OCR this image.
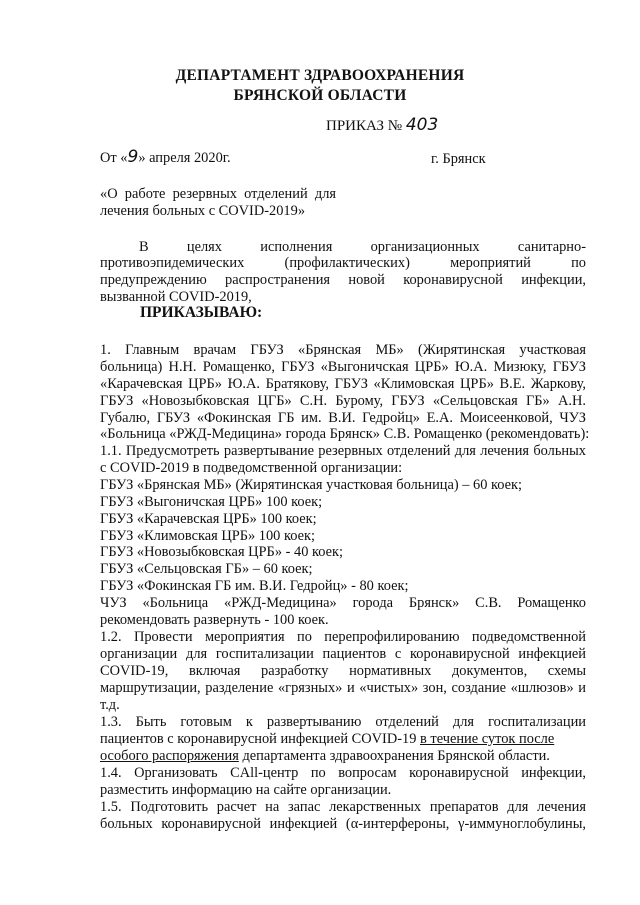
ДЕПАРТАМЕНТ ЗДРАВООХРАНЕНИЯ
БРЯНСКОЙ ОБЛАСТИ
ПРИКАЗ № 403
От «9» апреля 2020г.	г. Брянск
«О работе резервных отделений для
лечения больных с COVID-2019»
В целях исполнения организационных санитарно-
противоэпидемических (профилактических) мероприятий по
предупреждению распространения новой коронавирусной инфекции,
вызванной COVID-2019,
ПРИКАЗЫВАЮ:
1. Главным врачам ГБУЗ «Брянская МБ» (Жирятинская участковая
больница) Н.Н. Ромащенко, ГБУЗ «Выгоничская ЦРБ» Ю.А. Мизюку, ГБУЗ
«Карачевская ЦРБ» Ю.А. Братякову, ГБУЗ «Климовская ЦРБ» В.Е. Жаркову,
ГБУЗ «Новозыбковская ЦГБ» С.Н. Бурому, ГБУЗ «Сельцовская ГБ» А.Н.
Губалю, ГБУЗ «Фокинская ГБ им. В.И. Гедройц» Е.А. Моисеенковой, ЧУЗ
«Больница «РЖД-Медицина» города Брянск» С.В. Ромащенко (рекомендовать):
1.1. Предусмотреть развертывание резервных отделений для лечения больных
с COVID-2019 в подведомственной организации:
ГБУЗ «Брянская МБ» (Жирятинская участковая больница) – 60 коек;
ГБУЗ «Выгоничская ЦРБ» 100 коек;
ГБУЗ «Карачевская ЦРБ» 100 коек;
ГБУЗ «Климовская ЦРБ» 100 коек;
ГБУЗ «Новозыбковская ЦРБ» - 40 коек;
ГБУЗ «Сельцовская ГБ» – 60 коек;
ГБУЗ «Фокинская ГБ им. В.И. Гедройц» - 80 коек;
ЧУЗ «Больница «РЖД-Медицина» города Брянск» С.В. Ромащенко
рекомендовать развернуть - 100 коек.
1.2. Провести мероприятия по перепрофилированию подведомственной
организации для госпитализации пациентов с коронавирусной инфекцией
COVID-19, включая разработку нормативных документов, схемы
маршрутизации, разделение «грязных» и «чистых» зон, создание «шлюзов» и
т.д.
1.3. Быть готовым к развертыванию отделений для госпитализации
пациентов с коронавирусной инфекцией COVID-19 в течение суток после
особого распоряжения департамента здравоохранения Брянской области.
1.4. Организовать CAll-центр по вопросам коронавирусной инфекции,
разместить информацию на сайте организации.
1.5. Подготовить расчет на запас лекарственных препаратов для лечения
больных коронавирусной инфекцией (α-интерфероны, γ-иммуноглобулины,
